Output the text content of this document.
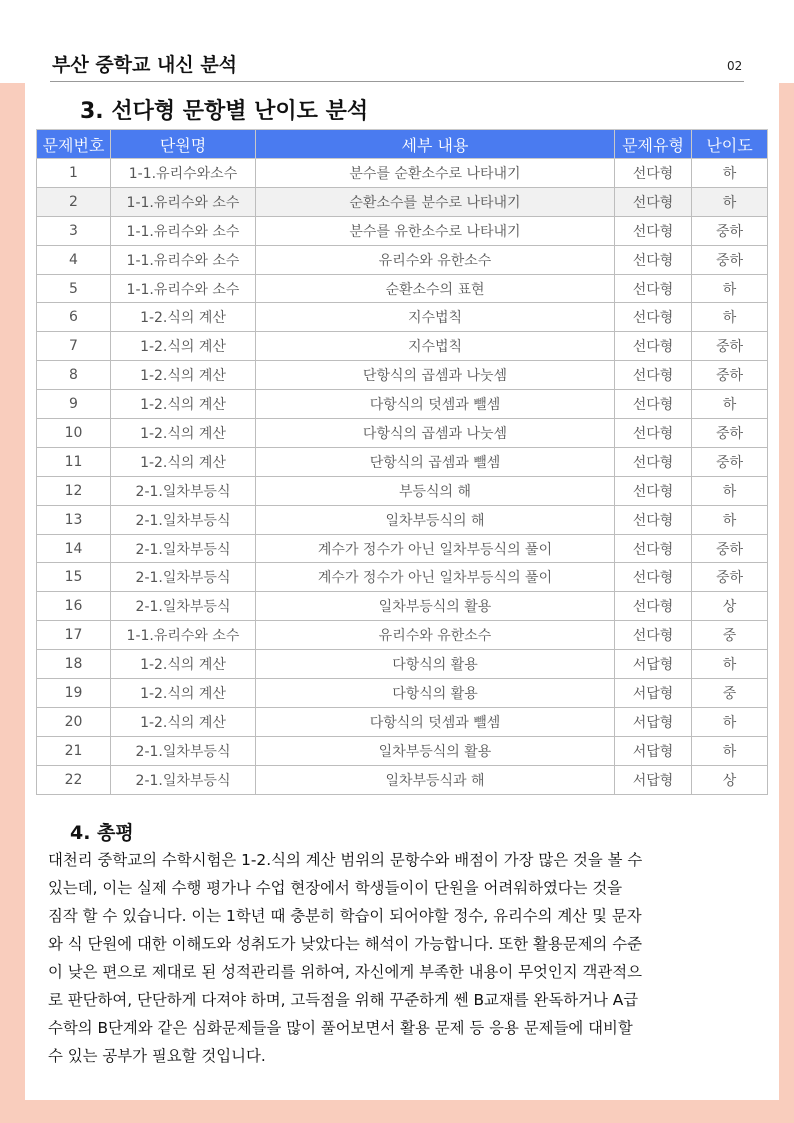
부산 중학교 내신 분석	02
3. 선다형 문항별 난이도 분석
문제번호	단원명	세부 내용	문제유형	난이도
1	1-1.유리수와소수	분수를 순환소수로 나타내기	선다형	하
2	1-1.유리수와 소수	순환소수를 분수로 나타내기	선다형	하
3	1-1.유리수와 소수	분수를 유한소수로 나타내기	선다형	중하
4	1-1.유리수와 소수	유리수와 유한소수	선다형	중하
5	1-1.유리수와 소수	순환소수의 표현	선다형	하
6	1-2.식의 계산	지수법칙	선다형	하
7	1-2.식의 계산	지수법칙	선다형	중하
8	1-2.식의 계산	단항식의 곱셈과 나눗셈	선다형	중하
9	1-2.식의 계산	다항식의 덧셈과 뺄셈	선다형	하
10	1-2.식의 계산	다항식의 곱셈과 나눗셈	선다형	중하
11	1-2.식의 계산	단항식의 곱셈과 뺄셈	선다형	중하
12	2-1.일차부등식	부등식의 해	선다형	하
13	2-1.일차부등식	일차부등식의 해	선다형	하
14	2-1.일차부등식	계수가 정수가 아닌 일차부등식의 풀이	선다형	중하
15	2-1.일차부등식	계수가 정수가 아닌 일차부등식의 풀이	선다형	중하
16	2-1.일차부등식	일차부등식의 활용	선다형	상
17	1-1.유리수와 소수	유리수와 유한소수	선다형	중
18	1-2.식의 계산	다항식의 활용	서답형	하
19	1-2.식의 계산	다항식의 활용	서답형	중
20	1-2.식의 계산	다항식의 덧셈과 뺄셈	서답형	하
21	2-1.일차부등식	일차부등식의 활용	서답형	하
22	2-1.일차부등식	일차부등식과 해	서답형	상
4. 총평
대천리 중학교의 수학시험은 1-2.식의 계산 범위의 문항수와 배점이 가장 많은 것을 볼 수
있는데, 이는 실제 수행 평가나 수업 현장에서 학생들이이 단원을 어려워하였다는 것을
짐작 할 수 있습니다. 이는 1학년 때 충분히 학습이 되어야할 정수, 유리수의 계산 및 문자
와 식 단원에 대한 이해도와 성취도가 낮았다는 해석이 가능합니다. 또한 활용문제의 수준
이 낮은 편으로 제대로 된 성적관리를 위하여, 자신에게 부족한 내용이 무엇인지 객관적으
로 판단하여, 단단하게 다져야 하며, 고득점을 위해 꾸준하게 쎈 B교재를 완독하거나 A급
수학의 B단계와 같은 심화문제들을 많이 풀어보면서 활용 문제 등 응용 문제들에 대비할
수 있는 공부가 필요할 것입니다.
